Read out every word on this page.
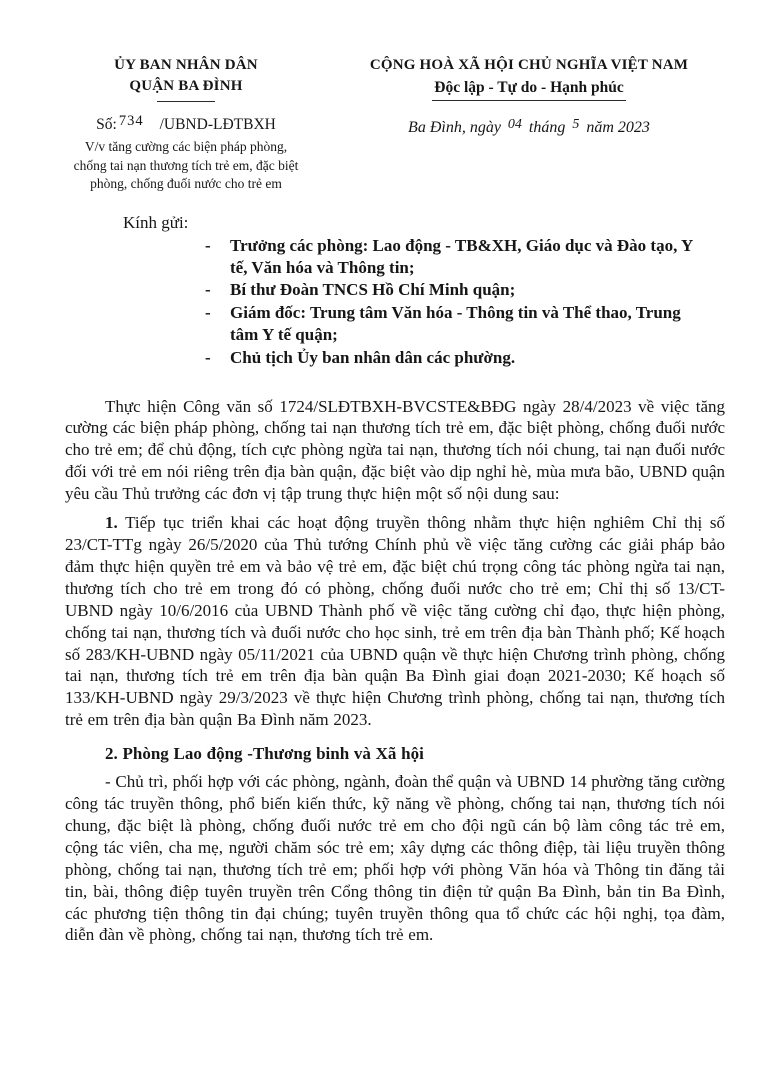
ỦY BAN NHÂN DÂN
QUẬN BA ĐÌNH
Số: 734 /UBND-LĐTBXH
V/v tăng cường các biện pháp phòng, chống tai nạn thương tích trẻ em, đặc biệt phòng, chống đuối nước cho trẻ em
CỘNG HOÀ XÃ HỘI CHỦ NGHĨA VIỆT NAM
Độc lập - Tự do - Hạnh phúc
Ba Đình, ngày 04 tháng 5 năm 2023
Kính gửi:
-	Trưởng các phòng: Lao động - TB&XH, Giáo dục và Đào tạo, Y tế, Văn hóa và Thông tin;
-	Bí thư Đoàn TNCS Hồ Chí Minh quận;
-	Giám đốc: Trung tâm Văn hóa - Thông tin và Thể thao, Trung tâm Y tế quận;
-	Chủ tịch Ủy ban nhân dân các phường.

Thực hiện Công văn số 1724/SLĐTBXH-BVCSTE&BĐG ngày 28/4/2023 về việc tăng cường các biện pháp phòng, chống tai nạn thương tích trẻ em, đặc biệt phòng, chống đuối nước cho trẻ em; để chủ động, tích cực phòng ngừa tai nạn, thương tích nói chung, tai nạn đuối nước đối với trẻ em nói riêng trên địa bàn quận, đặc biệt vào dịp nghỉ hè, mùa mưa bão, UBND quận yêu cầu Thủ trưởng các đơn vị tập trung thực hiện một số nội dung sau:

1. Tiếp tục triển khai các hoạt động truyền thông nhằm thực hiện nghiêm Chỉ thị số 23/CT-TTg ngày 26/5/2020 của Thủ tướng Chính phủ về việc tăng cường các giải pháp bảo đảm thực hiện quyền trẻ em và bảo vệ trẻ em, đặc biệt chú trọng công tác phòng ngừa tai nạn, thương tích cho trẻ em trong đó có phòng, chống đuối nước cho trẻ em; Chỉ thị số 13/CT-UBND ngày 10/6/2016 của UBND Thành phố về việc tăng cường chỉ đạo, thực hiện phòng, chống tai nạn, thương tích và đuối nước cho học sinh, trẻ em trên địa bàn Thành phố; Kế hoạch số 283/KH-UBND ngày 05/11/2021 của UBND quận về thực hiện Chương trình phòng, chống tai nạn, thương tích trẻ em trên địa bàn quận Ba Đình giai đoạn 2021-2030; Kế hoạch số 133/KH-UBND ngày 29/3/2023 về thực hiện Chương trình phòng, chống tai nạn, thương tích trẻ em trên địa bàn quận Ba Đình năm 2023.

2. Phòng Lao động -Thương binh và Xã hội

- Chủ trì, phối hợp với các phòng, ngành, đoàn thể quận và UBND 14 phường tăng cường công tác truyền thông, phổ biến kiến thức, kỹ năng về phòng, chống tai nạn, thương tích nói chung, đặc biệt là phòng, chống đuối nước trẻ em cho đội ngũ cán bộ làm công tác trẻ em, cộng tác viên, cha mẹ, người chăm sóc trẻ em; xây dựng các thông điệp, tài liệu truyền thông phòng, chống tai nạn, thương tích trẻ em; phối hợp với phòng Văn hóa và Thông tin đăng tải tin, bài, thông điệp tuyên truyền trên Cổng thông tin điện tử quận Ba Đình, bản tin Ba Đình, các phương tiện thông tin đại chúng; tuyên truyền thông qua tổ chức các hội nghị, tọa đàm, diễn đàn về phòng, chống tai nạn, thương tích trẻ em.
